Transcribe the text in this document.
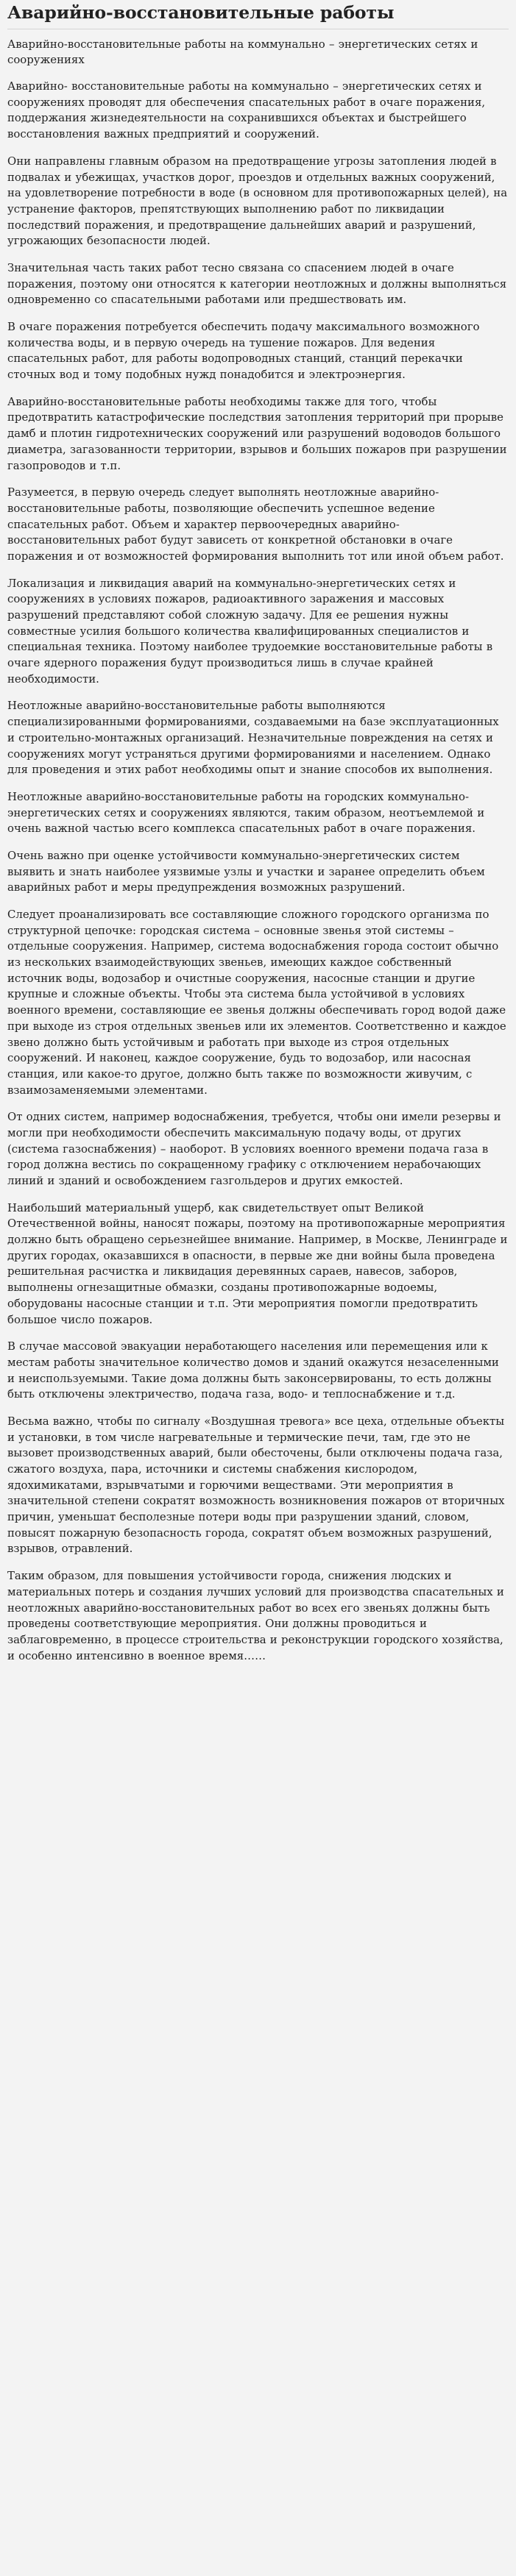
Аварийно-восстановительные работы

Аварийно-восстановительные работы на коммунально – энергетических сетях и сооружениях

Аварийно- восстановительные работы на коммунально – энергетических сетях и сооружениях проводят для обеспечения спасательных работ в очаге поражения, поддержания жизнедеятельности на сохранившихся объектах и быстрейшего восстановления важных предприятий и сооружений.

Они направлены главным образом на предотвращение угрозы затопления людей в подвалах и убежищах, участков дорог, проездов и отдельных важных сооружений, на удовлетворение потребности в воде (в основном для противопожарных целей), на устранение факторов, препятствующих выполнению работ по ликвидации последствий поражения, и предотвращение дальнейших аварий и разрушений, угрожающих безопасности людей.

Значительная часть таких работ тесно связана со спасением людей в очаге поражения, поэтому они относятся к категории неотложных и должны выполняться одновременно со спасательными работами или предшествовать им.

В очаге поражения потребуется обеспечить подачу максимального возможного количества воды, и в первую очередь на тушение пожаров. Для ведения спасательных работ, для работы водопроводных станций, станций перекачки сточных вод и тому подобных нужд понадобится и электроэнергия.

Аварийно-восстановительные работы необходимы также для того, чтобы предотвратить катастрофические последствия затопления территорий при прорыве дамб и плотин гидротехнических сооружений или разрушений водоводов большого диаметра, загазованности территории, взрывов и больших пожаров при разрушении газопроводов и т.п.

Разумеется, в первую очередь следует выполнять неотложные аварийно-восстановительные работы, позволяющие обеспечить успешное ведение спасательных работ. Объем и характер первоочередных аварийно-восстановительных работ будут зависеть от конкретной обстановки в очаге поражения и от возможностей формирования выполнить тот или иной объем работ.

Локализация и ликвидация аварий на коммунально-энергетических сетях и сооружениях в условиях пожаров, радиоактивного заражения и массовых разрушений представляют собой сложную задачу. Для ее решения нужны совместные усилия большого количества квалифицированных специалистов и специальная техника. Поэтому наиболее трудоемкие восстановительные работы в очаге ядерного поражения будут производиться лишь в случае крайней необходимости.

Неотложные аварийно-восстановительные работы выполняются специализированными формированиями, создаваемыми на базе эксплуатационных и строительно-монтажных организаций. Незначительные повреждения на сетях и сооружениях могут устраняться другими формированиями и населением. Однако для проведения и этих работ необходимы опыт и знание способов их выполнения.

Неотложные аварийно-восстановительные работы на городских коммунально-энергетических сетях и сооружениях являются, таким образом, неотъемлемой и очень важной частью всего комплекса спасательных работ в очаге поражения.

Очень важно при оценке устойчивости коммунально-энергетических систем выявить и знать наиболее уязвимые узлы и участки и заранее определить объем аварийных работ и меры предупреждения возможных разрушений.

Следует проанализировать все составляющие сложного городского организма по структурной цепочке: городская система – основные звенья этой системы – отдельные сооружения. Например, система водоснабжения города состоит обычно из нескольких взаимодействующих звеньев, имеющих каждое собственный источник воды, водозабор и очистные сооружения, насосные станции и другие крупные и сложные объекты. Чтобы эта система была устойчивой в условиях военного времени, составляющие ее звенья должны обеспечивать город водой даже при выходе из строя отдельных звеньев или их элементов. Соответственно и каждое звено должно быть устойчивым и работать при выходе из строя отдельных сооружений. И наконец, каждое сооружение, будь то водозабор, или насосная станция, или какое-то другое, должно быть также по возможности живучим, с взаимозаменяемыми элементами.

От одних систем, например водоснабжения, требуется, чтобы они имели резервы и могли при необходимости обеспечить максимальную подачу воды, от других (система газоснабжения) – наоборот. В условиях военного времени подача газа в город должна вестись по сокращенному графику с отключением нерабочающих линий и зданий и освобождением газгольдеров и других емкостей.

Наибольший материальный ущерб, как свидетельствует опыт Великой Отечественной войны, наносят пожары, поэтому на противопожарные мероприятия должно быть обращено серьезнейшее внимание. Например, в Москве, Ленинграде и других городах, оказавшихся в опасности, в первые же дни войны была проведена решительная расчистка и ликвидация деревянных сараев, навесов, заборов, выполнены огнезащитные обмазки, созданы противопожарные водоемы, оборудованы насосные станции и т.п. Эти мероприятия помогли предотвратить большое число пожаров.

В случае массовой эвакуации неработающего населения или перемещения или к местам работы значительное количество домов и зданий окажутся незаселенными и неиспользуемыми. Такие дома должны быть законсервированы, то есть должны быть отключены электричество, подача газа, водо- и теплоснабжение и т.д.

Весьма важно, чтобы по сигналу «Воздушная тревога» все цеха, отдельные объекты и установки, в том числе нагревательные и термические печи, там, где это не вызовет производственных аварий, были обесточены, были отключены подача газа, сжатого воздуха, пара, источники и системы снабжения кислородом, ядохимикатами, взрывчатыми и горючими веществами. Эти мероприятия в значительной степени сократят возможность возникновения пожаров от вторичных причин, уменьшат бесполезные потери воды при разрушении зданий, словом, повысят пожарную безопасность города, сократят объем возможных разрушений, взрывов, отравлений.

Таким образом, для повышения устойчивости города, снижения людских и материальных потерь и создания лучших условий для производства спасательных и неотложных аварийно-восстановительных работ во всех его звеньях должны быть проведены соответствующие мероприятия. Они должны проводиться и заблаговременно, в процессе строительства и реконструкции городского хозяйства, и особенно интенсивно в военное время……
